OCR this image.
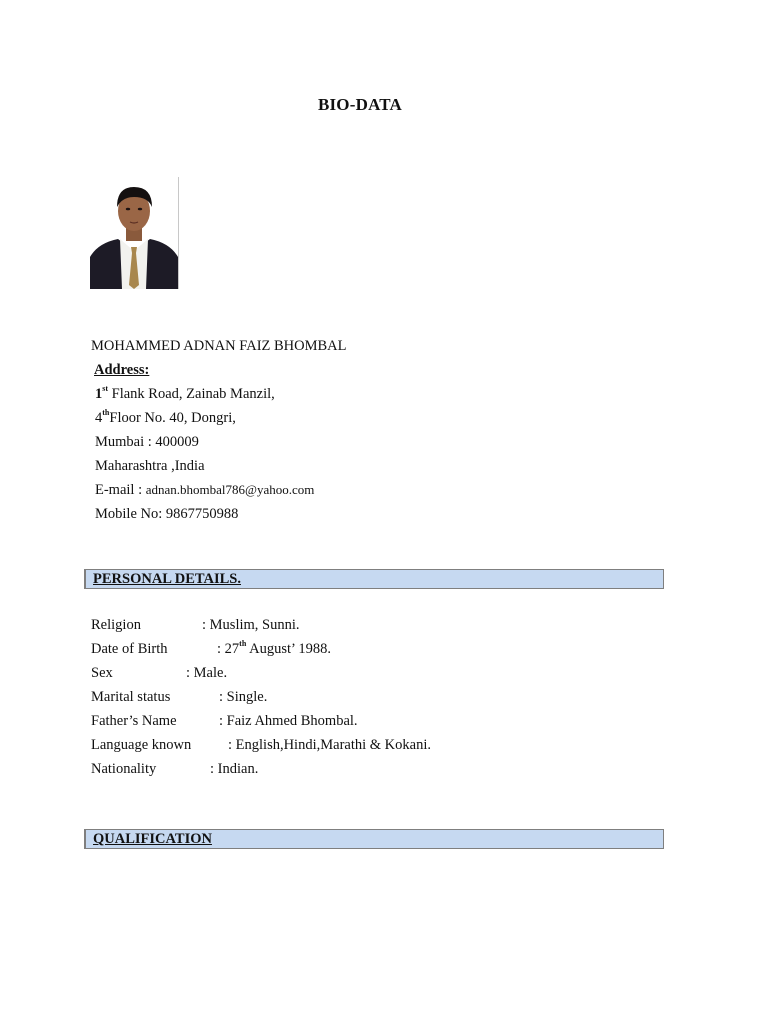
BIO-DATA
MOHAMMED ADNAN FAIZ BHOMBAL
Address:
1st Flank Road, Zainab Manzil,
4thFloor No. 40, Dongri,
Mumbai : 400009
Maharashtra ,India
E-mail : adnan.bhombal786@yahoo.com
Mobile No: 9867750988
PERSONAL DETAILS.
Religion	: Muslim, Sunni.
Date of Birth	: 27th August’ 1988.
Sex	: Male.
Marital status	: Single.
Father’s Name	: Faiz Ahmed Bhombal.
Language known	: English,Hindi,Marathi & Kokani.
Nationality	: Indian.
QUALIFICATION
